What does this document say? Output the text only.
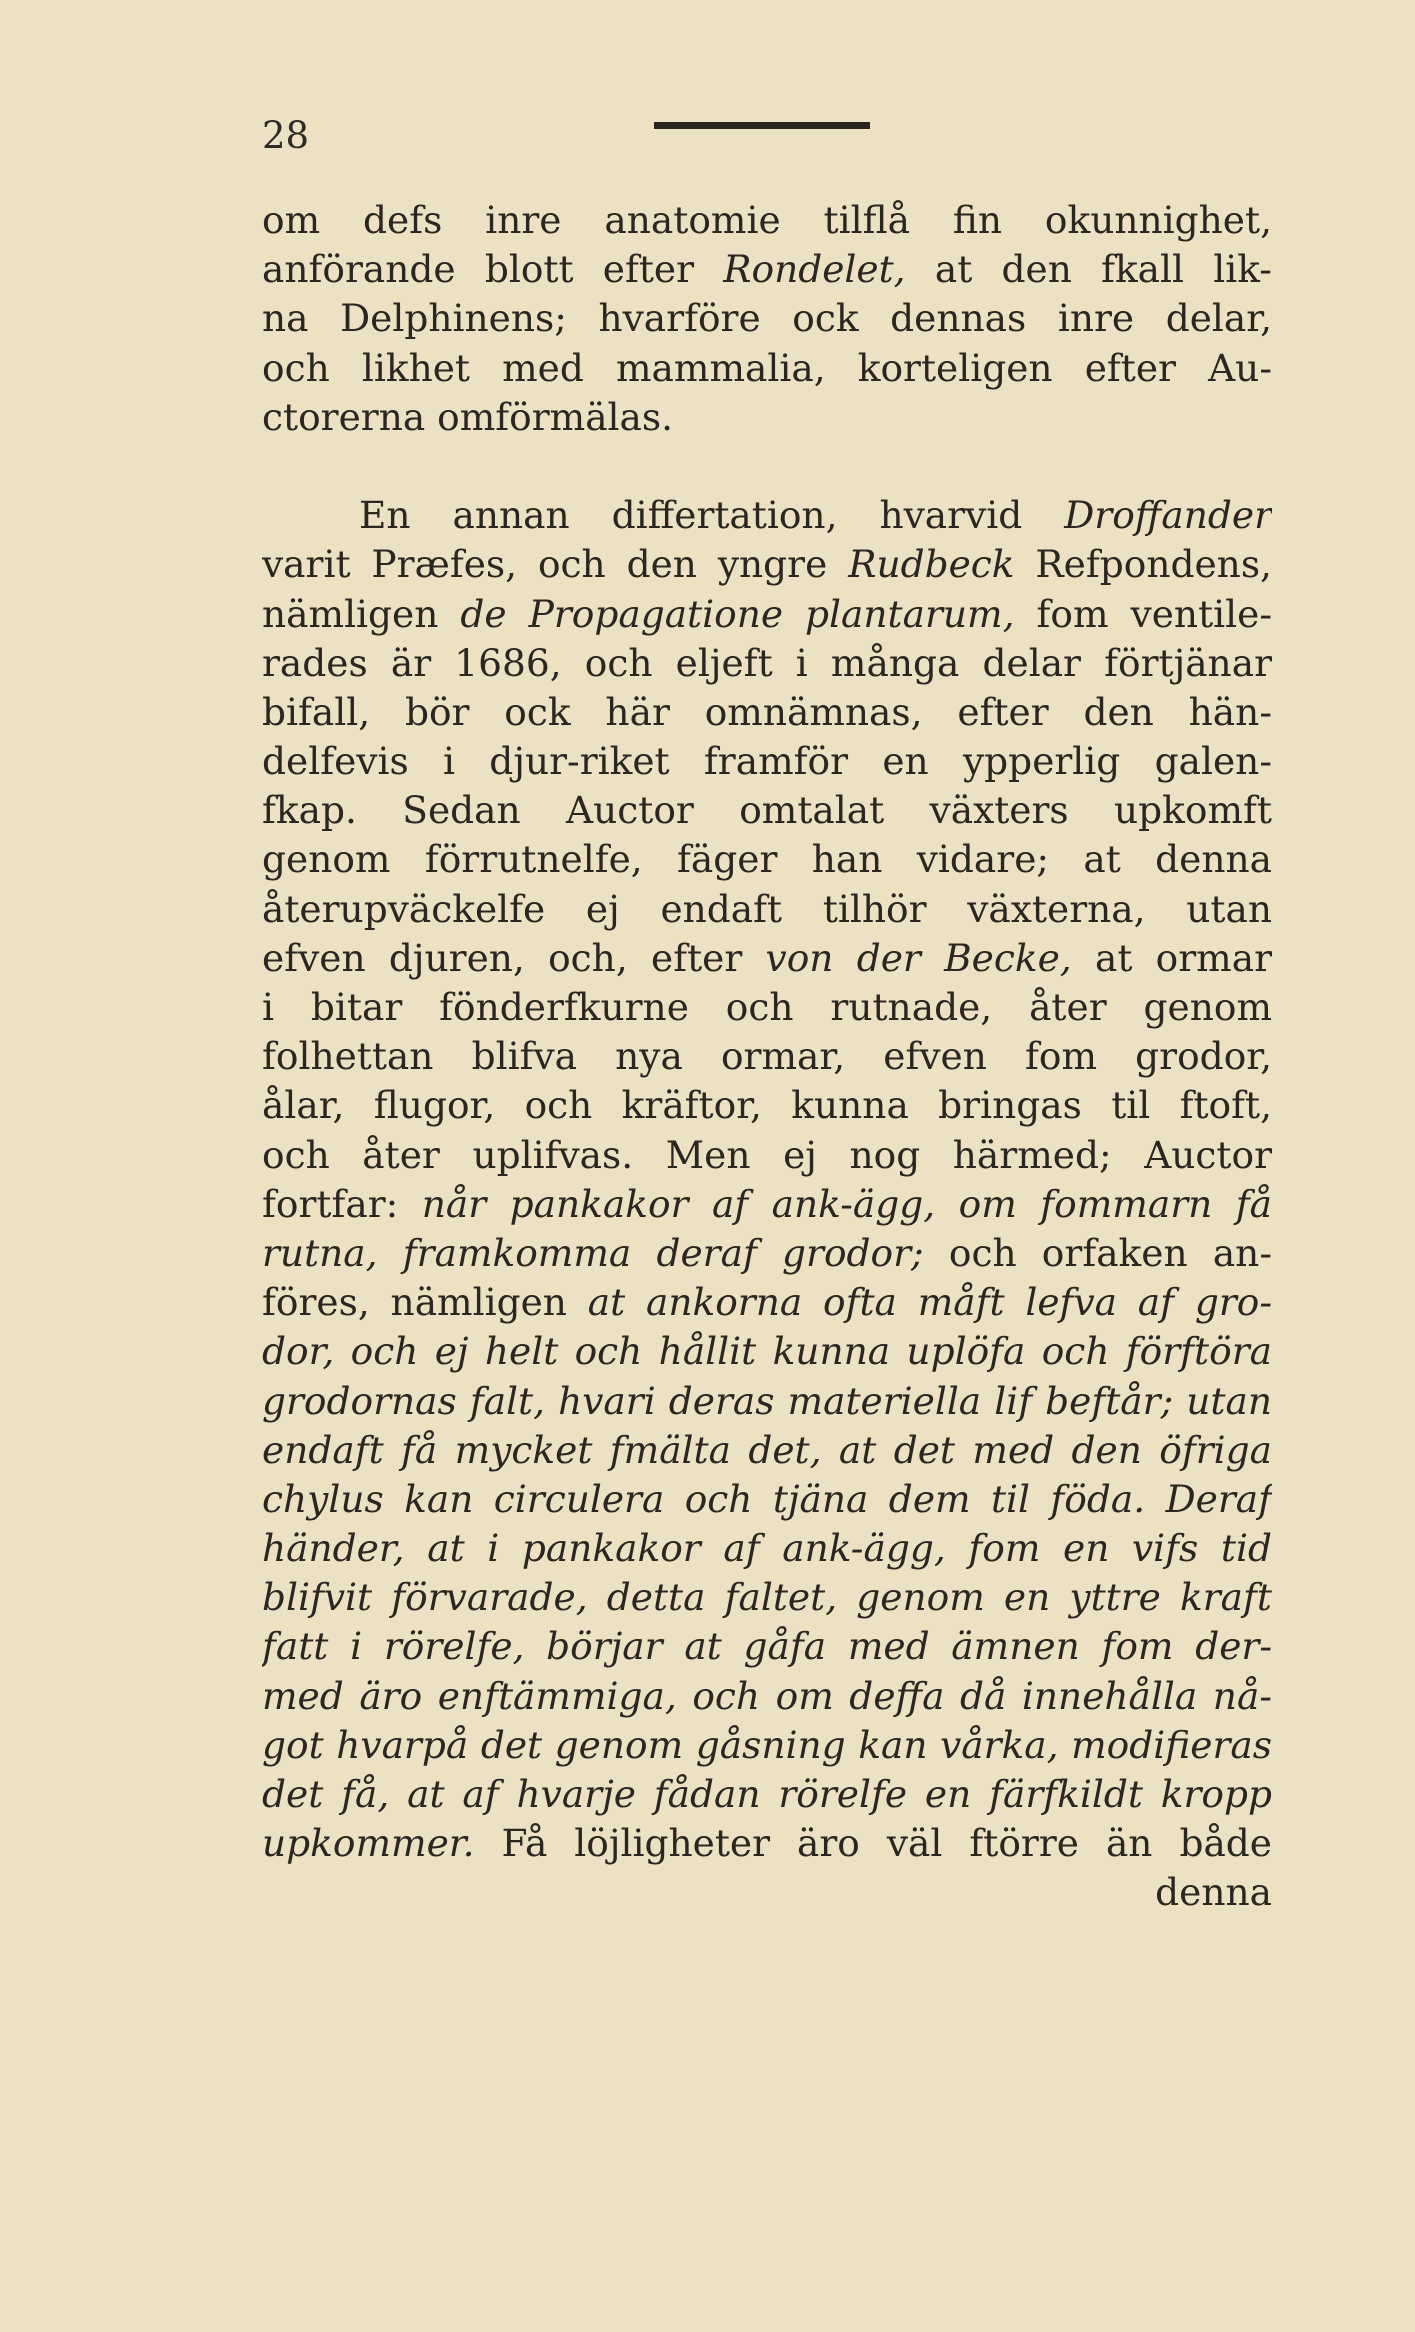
28
om defs inre anatomie tilflå fin okunnighet,
anförande blott efter Rondelet, at den fkall lik-
na Delphinens; hvarföre ock dennas inre delar,
och likhet med mammalia, korteligen efter Au-
ctorerna omförmälas.
En annan differtation, hvarvid Droffander
varit Præfes, och den yngre Rudbeck Refpondens,
nämligen de Propagatione plantarum, fom ventile-
rades är 1686, och eljeft i många delar förtjänar
bifall, bör ock här omnämnas, efter den hän-
delfevis i djur-riket framför en ypperlig galen-
fkap. Sedan Auctor omtalat växters upkomft
genom förrutnelfe, fäger han vidare; at denna
återupväckelfe ej endaft tilhör växterna, utan
efven djuren, och, efter von der Becke, at ormar
i bitar fönderfkurne och rutnade, åter genom
folhettan blifva nya ormar, efven fom grodor,
ålar, flugor, och kräftor, kunna bringas til ftoft,
och åter uplifvas. Men ej nog härmed; Auctor
fortfar: når pankakor af ank-ägg, om fommarn få
rutna, framkomma deraf grodor; och orfaken an-
föres, nämligen at ankorna ofta måft lefva af gro-
dor, och ej helt och hållit kunna uplöfa och förftöra
grodornas falt, hvari deras materiella lif beftår; utan
endaft få mycket fmälta det, at det med den öfriga
chylus kan circulera och tjäna dem til föda. Deraf
händer, at i pankakor af ank-ägg, fom en vifs tid
blifvit förvarade, detta faltet, genom en yttre kraft
fatt i rörelfe, börjar at gåfa med ämnen fom der-
med äro enftämmiga, och om deffa då innehålla nå-
got hvarpå det genom gåsning kan vårka, modifieras
det få, at af hvarje fådan rörelfe en färfkildt kropp
upkommer. Få löjligheter äro väl ftörre än både
denna
